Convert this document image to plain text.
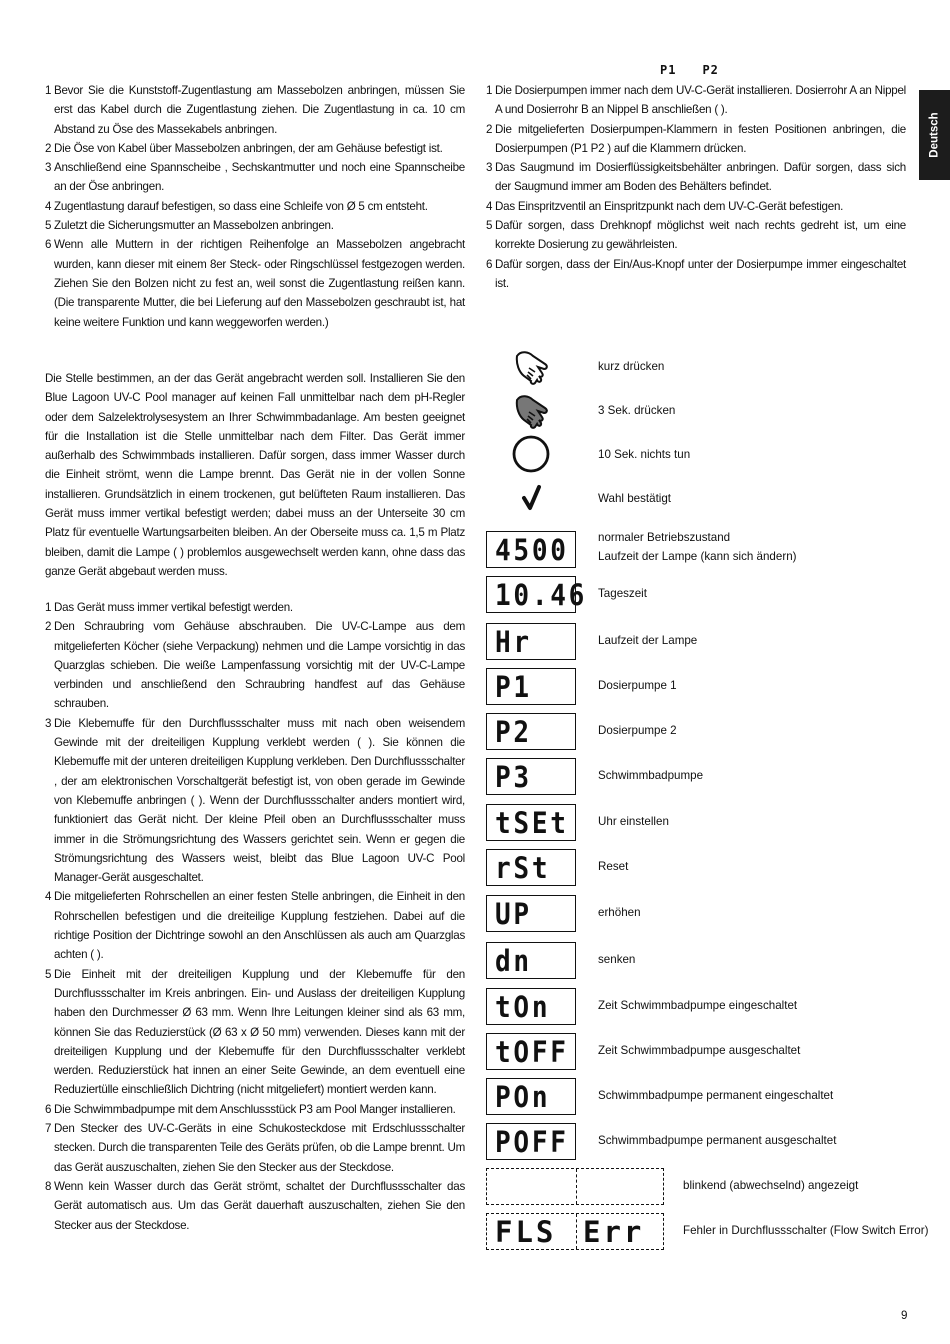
P1 P2
Deutsch
1 Bevor Sie die Kunststoff-Zugentlastung am Massebolzen anbringen, müssen Sie erst das Kabel durch die Zugentlastung ziehen. Die Zugentlastung in ca. 10 cm Abstand zu Öse des Massekabels anbringen.
2 Die Öse von Kabel über Massebolzen anbringen, der am Gehäuse befestigt ist.
3 Anschließend eine Spannscheibe , Sechskantmutter und noch eine Spannscheibe an der Öse anbringen.
4 Zugentlastung darauf befestigen, so dass eine Schleife von Ø 5 cm entsteht.
5 Zuletzt die Sicherungsmutter an Massebolzen anbringen.
6 Wenn alle Muttern in der richtigen Reihenfolge an Massebolzen angebracht wurden, kann dieser mit einem 8er Steck- oder Ringschlüssel festgezogen werden. Ziehen Sie den Bolzen nicht zu fest an, weil sonst die Zugentlastung reißen kann. (Die transparente Mutter, die bei Lieferung auf den Massebolzen geschraubt ist, hat keine weitere Funktion und kann weggeworfen werden.)
Die Stelle bestimmen, an der das Gerät angebracht werden soll. Installieren Sie den Blue Lagoon UV-C Pool manager auf keinen Fall unmittelbar nach dem pH-Regler oder dem Salzelektrolysesystem an Ihrer Schwimmbadanlage. Am besten geeignet für die Installation ist die Stelle unmittelbar nach dem Filter. Das Gerät immer außerhalb des Schwimmbads installieren. Dafür sorgen, dass immer Wasser durch die Einheit strömt, wenn die Lampe brennt. Das Gerät nie in der vollen Sonne installieren. Grundsätzlich in einem trockenen, gut belüfteten Raum installieren. Das Gerät muss immer vertikal befestigt werden; dabei muss an der Unterseite 30 cm Platz für eventuelle Wartungsarbeiten bleiben. An der Oberseite muss ca. 1,5 m Platz bleiben, damit die Lampe ( ) problemlos ausgewechselt werden kann, ohne dass das ganze Gerät abgebaut werden muss.
1 Das Gerät muss immer vertikal befestigt werden.
2 Den Schraubring vom Gehäuse abschrauben. Die UV-C-Lampe aus dem mitgelieferten Köcher (siehe Verpackung) nehmen und die Lampe vorsichtig in das Quarzglas schieben. Die weiße Lampenfassung vorsichtig mit der UV-C-Lampe verbinden und anschließend den Schraubring handfest auf das Gehäuse schrauben.
3 Die Klebemuffe für den Durchflussschalter muss mit nach oben weisendem Gewinde mit der dreiteiligen Kupplung verklebt werden ( ). Sie können die Klebemuffe mit der unteren dreiteiligen Kupplung verkleben. Den Durchflussschalter , der am elektronischen Vorschaltgerät befestigt ist, von oben gerade im Gewinde von Klebemuffe anbringen ( ). Wenn der Durchflussschalter anders montiert wird, funktioniert das Gerät nicht. Der kleine Pfeil oben an Durchflussschalter muss immer in die Strömungsrichtung des Wassers gerichtet sein. Wenn er gegen die Strömungsrichtung des Wassers weist, bleibt das Blue Lagoon UV-C Pool Manager-Gerät ausgeschaltet.
4 Die mitgelieferten Rohrschellen an einer festen Stelle anbringen, die Einheit in den Rohrschellen befestigen und die dreiteilige Kupplung festziehen. Dabei auf die richtige Position der Dichtringe sowohl an den Anschlüssen als auch am Quarzglas achten ( ).
5 Die Einheit mit der dreiteiligen Kupplung und der Klebemuffe für den Durchflussschalter im Kreis anbringen. Ein- und Auslass der dreiteiligen Kupplung haben den Durchmesser Ø 63 mm. Wenn Ihre Leitungen kleiner sind als 63 mm, können Sie das Reduzierstück (Ø 63 x Ø 50 mm) verwenden. Dieses kann mit der dreiteiligen Kupplung und der Klebemuffe für den Durchflussschalter verklebt werden. Reduzierstück hat innen an einer Seite Gewinde, an dem eventuell eine Reduziertülle einschließlich Dichtring (nicht mitgeliefert) montiert werden kann.
6 Die Schwimmbadpumpe mit dem Anschlussstück P3 am Pool Manger installieren.
7 Den Stecker des UV-C-Geräts in eine Schukosteckdose mit Erdschlussschalter stecken. Durch die transparenten Teile des Geräts prüfen, ob die Lampe brennt. Um das Gerät auszuschalten, ziehen Sie den Stecker aus der Steckdose.
8 Wenn kein Wasser durch das Gerät strömt, schaltet der Durchflussschalter das Gerät automatisch aus. Um das Gerät dauerhaft auszuschalten, ziehen Sie den Stecker aus der Steckdose.
1 Die Dosierpumpen immer nach dem UV-C-Gerät installieren. Dosierrohr A an Nippel A und Dosierrohr B an Nippel B anschließen ( ).
2 Die mitgelieferten Dosierpumpen-Klammern in festen Positionen anbringen, die Dosierpumpen (P1 P2 ) auf die Klammern drücken.
3 Das Saugmund im Dosierflüssigkeitsbehälter anbringen. Dafür sorgen, dass sich der Saugmund immer am Boden des Behälters befindet.
4 Das Einspritzventil an Einspritzpunkt nach dem UV-C-Gerät befestigen.
5 Dafür sorgen, dass Drehknopf möglichst weit nach rechts gedreht ist, um eine korrekte Dosierung zu gewährleisten.
6 Dafür sorgen, dass der Ein/Aus-Knopf unter der Dosierpumpe immer eingeschaltet ist.
kurz drücken
3 Sek. drücken
10 Sek. nichts tun
Wahl bestätigt
4500	normaler Betriebszustand
Laufzeit der Lampe (kann sich ändern)
10.46 Tageszeit
Hr	Laufzeit der Lampe
P1	Dosierpumpe 1
P2	Dosierpumpe 2
P3	Schwimmbadpumpe
tSEt	Uhr einstellen
rSt	Reset
UP	erhöhen
dn	senken
tOn	Zeit Schwimmbadpumpe eingeschaltet
tOFF	Zeit Schwimmbadpumpe ausgeschaltet
POn	Schwimmbadpumpe permanent eingeschaltet
POFF	Schwimmbadpumpe permanent ausgeschaltet
blinkend (abwechselnd) angezeigt
FLS Err	Fehler in Durchflussschalter (Flow Switch Error)
9
